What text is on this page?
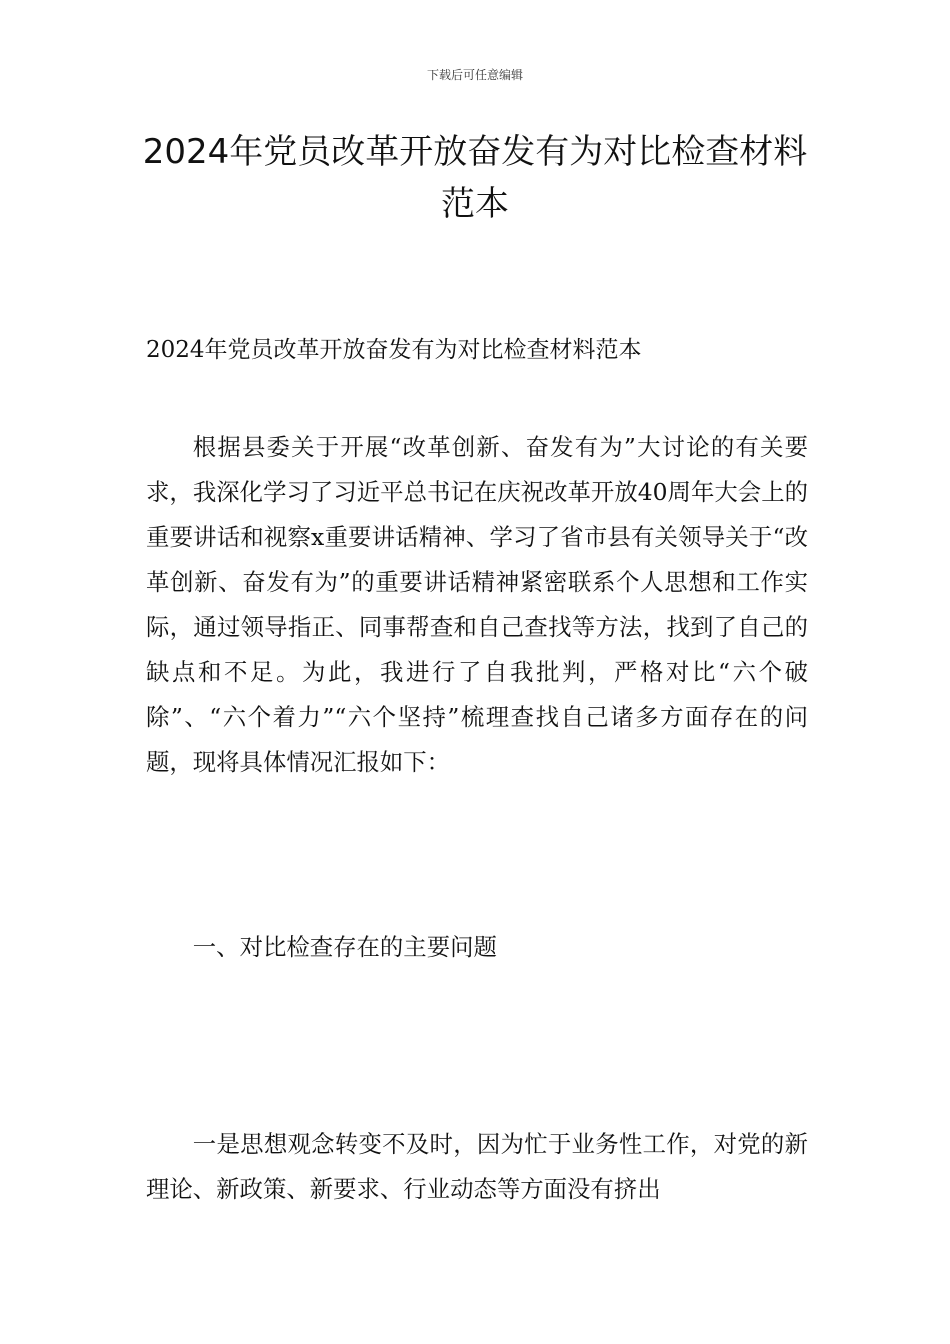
下载后可任意编辑
2024年党员改革开放奋发有为对比检查材料范本

2024年党员改革开放奋发有为对比检查材料范本

根据县委关于开展“改革创新、奋发有为”大讨论的有关要求，我深化学习了习近平总书记在庆祝改革开放40周年大会上的重要讲话和视察x重要讲话精神、学习了省市县有关领导关于“改革创新、奋发有为”的重要讲话精神紧密联系个人思想和工作实际，通过领导指正、同事帮查和自己查找等方法，找到了自己的缺点和不足。为此，我进行了自我批判，严格对比“六个破除”、“六个着力”“六个坚持”梳理查找自己诸多方面存在的问题，现将具体情况汇报如下：

一、对比检查存在的主要问题

一是思想观念转变不及时，因为忙于业务性工作，对党的新理论、新政策、新要求、行业动态等方面没有挤出
